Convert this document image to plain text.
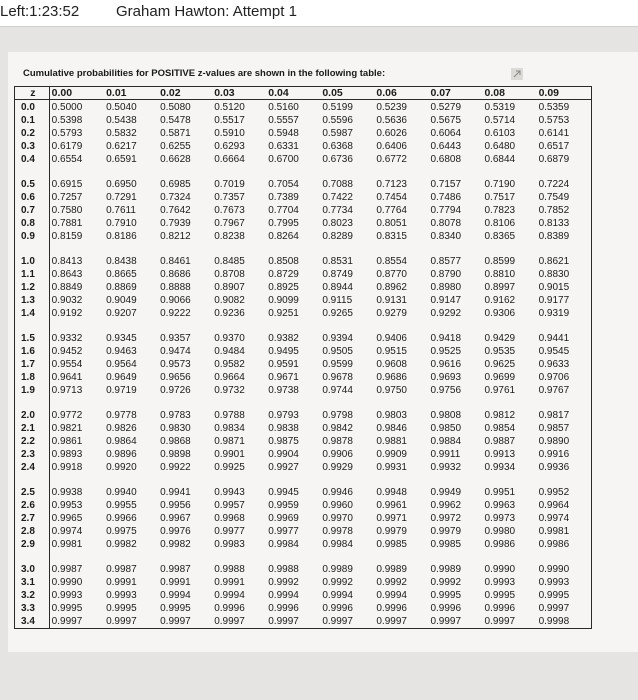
Left:1:23:52 Graham Hawton: Attempt 1
Cumulative probabilities for POSITIVE z-values are shown in the following table:
z	0.00	0.01	0.02	0.03	0.04	0.05	0.06	0.07	0.08	0.09
0.0	0.5000	0.5040	0.5080	0.5120	0.5160	0.5199	0.5239	0.5279	0.5319	0.5359
0.1	0.5398	0.5438	0.5478	0.5517	0.5557	0.5596	0.5636	0.5675	0.5714	0.5753
0.2	0.5793	0.5832	0.5871	0.5910	0.5948	0.5987	0.6026	0.6064	0.6103	0.6141
0.3	0.6179	0.6217	0.6255	0.6293	0.6331	0.6368	0.6406	0.6443	0.6480	0.6517
0.4	0.6554	0.6591	0.6628	0.6664	0.6700	0.6736	0.6772	0.6808	0.6844	0.6879

0.5	0.6915	0.6950	0.6985	0.7019	0.7054	0.7088	0.7123	0.7157	0.7190	0.7224
0.6	0.7257	0.7291	0.7324	0.7357	0.7389	0.7422	0.7454	0.7486	0.7517	0.7549
0.7	0.7580	0.7611	0.7642	0.7673	0.7704	0.7734	0.7764	0.7794	0.7823	0.7852
0.8	0.7881	0.7910	0.7939	0.7967	0.7995	0.8023	0.8051	0.8078	0.8106	0.8133
0.9	0.8159	0.8186	0.8212	0.8238	0.8264	0.8289	0.8315	0.8340	0.8365	0.8389

1.0	0.8413	0.8438	0.8461	0.8485	0.8508	0.8531	0.8554	0.8577	0.8599	0.8621
1.1	0.8643	0.8665	0.8686	0.8708	0.8729	0.8749	0.8770	0.8790	0.8810	0.8830
1.2	0.8849	0.8869	0.8888	0.8907	0.8925	0.8944	0.8962	0.8980	0.8997	0.9015
1.3	0.9032	0.9049	0.9066	0.9082	0.9099	0.9115	0.9131	0.9147	0.9162	0.9177
1.4	0.9192	0.9207	0.9222	0.9236	0.9251	0.9265	0.9279	0.9292	0.9306	0.9319

1.5	0.9332	0.9345	0.9357	0.9370	0.9382	0.9394	0.9406	0.9418	0.9429	0.9441
1.6	0.9452	0.9463	0.9474	0.9484	0.9495	0.9505	0.9515	0.9525	0.9535	0.9545
1.7	0.9554	0.9564	0.9573	0.9582	0.9591	0.9599	0.9608	0.9616	0.9625	0.9633
1.8	0.9641	0.9649	0.9656	0.9664	0.9671	0.9678	0.9686	0.9693	0.9699	0.9706
1.9	0.9713	0.9719	0.9726	0.9732	0.9738	0.9744	0.9750	0.9756	0.9761	0.9767

2.0	0.9772	0.9778	0.9783	0.9788	0.9793	0.9798	0.9803	0.9808	0.9812	0.9817
2.1	0.9821	0.9826	0.9830	0.9834	0.9838	0.9842	0.9846	0.9850	0.9854	0.9857
2.2	0.9861	0.9864	0.9868	0.9871	0.9875	0.9878	0.9881	0.9884	0.9887	0.9890
2.3	0.9893	0.9896	0.9898	0.9901	0.9904	0.9906	0.9909	0.9911	0.9913	0.9916
2.4	0.9918	0.9920	0.9922	0.9925	0.9927	0.9929	0.9931	0.9932	0.9934	0.9936

2.5	0.9938	0.9940	0.9941	0.9943	0.9945	0.9946	0.9948	0.9949	0.9951	0.9952
2.6	0.9953	0.9955	0.9956	0.9957	0.9959	0.9960	0.9961	0.9962	0.9963	0.9964
2.7	0.9965	0.9966	0.9967	0.9968	0.9969	0.9970	0.9971	0.9972	0.9973	0.9974
2.8	0.9974	0.9975	0.9976	0.9977	0.9977	0.9978	0.9979	0.9979	0.9980	0.9981
2.9	0.9981	0.9982	0.9982	0.9983	0.9984	0.9984	0.9985	0.9985	0.9986	0.9986

3.0	0.9987	0.9987	0.9987	0.9988	0.9988	0.9989	0.9989	0.9989	0.9990	0.9990
3.1	0.9990	0.9991	0.9991	0.9991	0.9992	0.9992	0.9992	0.9992	0.9993	0.9993
3.2	0.9993	0.9993	0.9994	0.9994	0.9994	0.9994	0.9994	0.9995	0.9995	0.9995
3.3	0.9995	0.9995	0.9995	0.9996	0.9996	0.9996	0.9996	0.9996	0.9996	0.9997
3.4	0.9997	0.9997	0.9997	0.9997	0.9997	0.9997	0.9997	0.9997	0.9997	0.9998
